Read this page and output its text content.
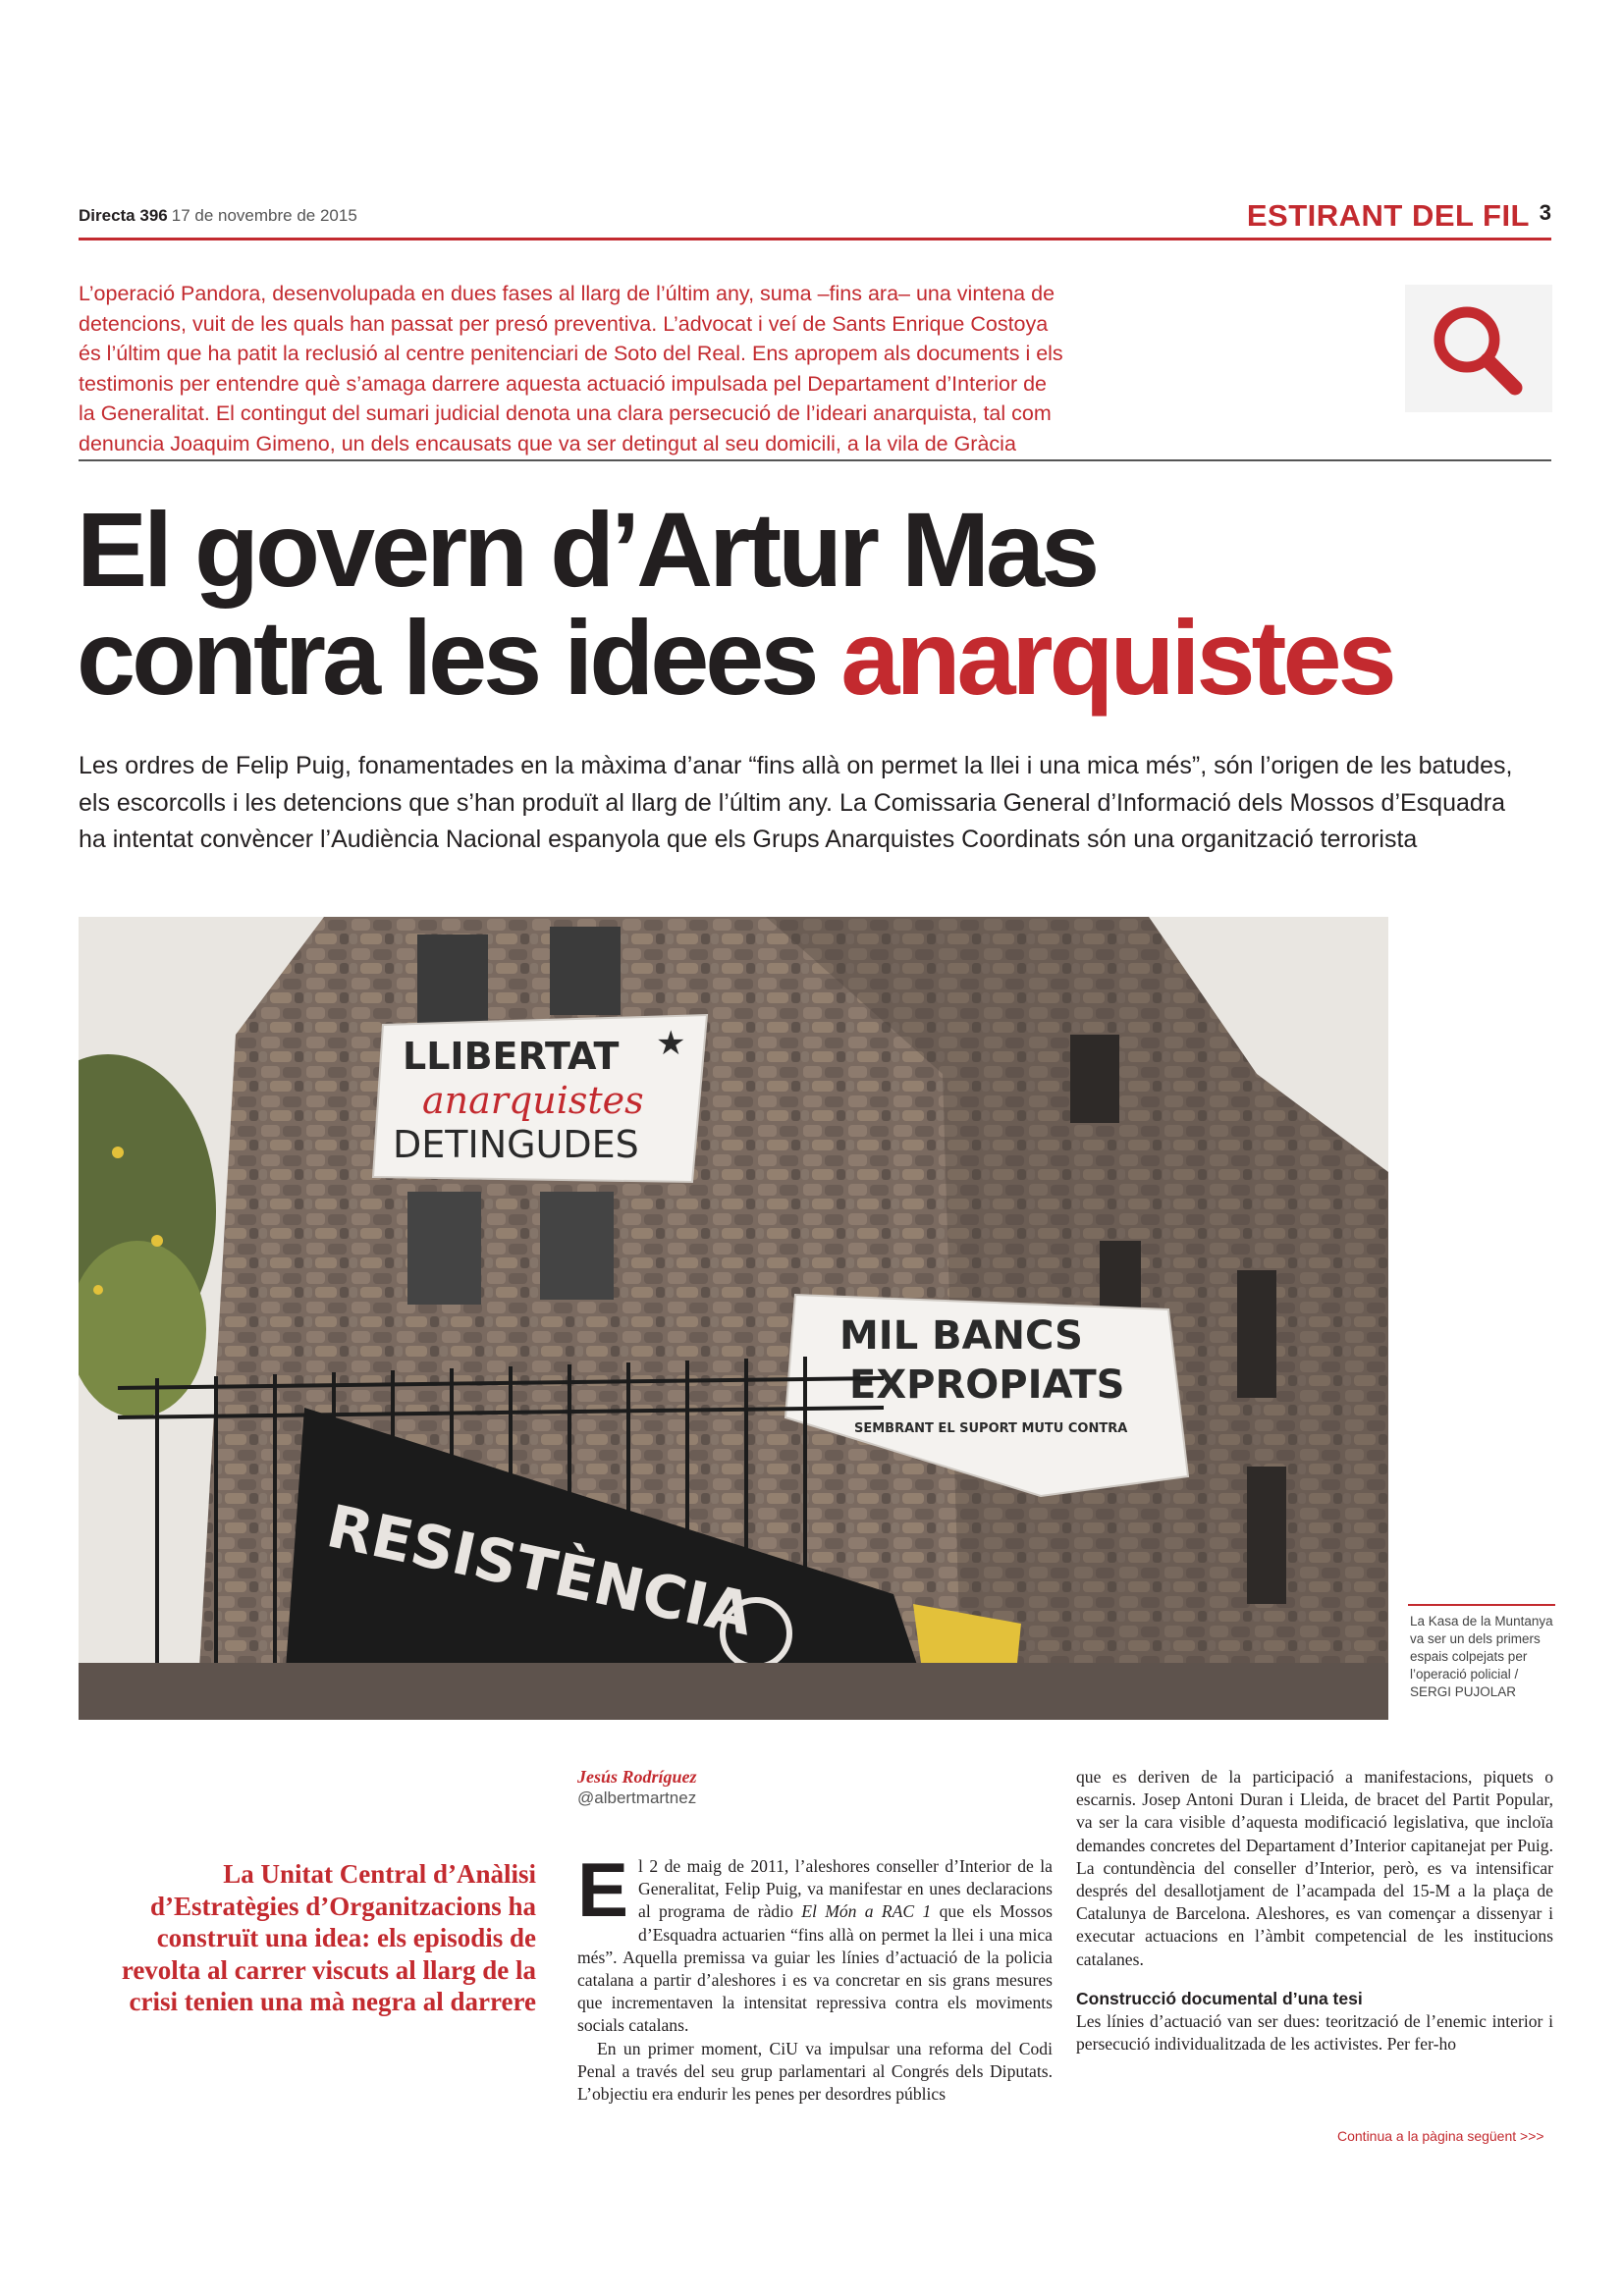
Directa 396 17 de novembre de 2015	ESTIRANT DEL FIL 3
L’operació Pandora, desenvolupada en dues fases al llarg de l’últim any, suma –fins ara– una vintena de
detencions, vuit de les quals han passat per presó preventiva. L’advocat i veí de Sants Enrique Costoya
és l’últim que ha patit la reclusió al centre penitenciari de Soto del Real. Ens apropem als documents i els
testimonis per entendre què s’amaga darrere aquesta actuació impulsada pel Departament d’Interior de
la Generalitat. El contingut del sumari judicial denota una clara persecució de l’ideari anarquista, tal com
denuncia Joaquim Gimeno, un dels encausats que va ser detingut al seu domicili, a la vila de Gràcia
El govern d’Artur Mas
contra les idees anarquistes
Les ordres de Felip Puig, fonamentades en la màxima d’anar “fins allà on permet la llei i una mica més”, són l’origen de les batudes,
els escorcolls i les detencions que s’han produït al llarg de l’últim any. La Comissaria General d’Informació dels Mossos d’Esquadra
ha intentat convèncer l’Audiència Nacional espanyola que els Grups Anarquistes Coordinats són una organització terrorista
LLIBERTAT
anarquistes
DETINGUDES
★
MIL BANCS
EXPROPIATS
SEMBRANT EL SUPORT MUTU CONTRA
RESISTÈNCIA	La Kasa de la Muntanya va ser un dels primers espais colpejats per l’operació policial / SERGI PUJOLAR
Jesús Rodríguez
@albertmartnez
La Unitat Central d’Anàlisi
d’Estratègies d’Organitzacions ha
construït una idea: els episodis de
revolta al carrer viscuts al llarg de la
crisi tenien una mà negra al darrere

El 2 de maig de 2011, l’aleshores conseller d’Interior de la Generalitat, Felip Puig, va manifestar en unes declaracions al programa de ràdio El Món a RAC 1 que els Mossos d’Esquadra actuarien “fins allà on permet la llei i una mica més”. Aquella premissa va guiar les línies d’actuació de la policia catalana a partir d’aleshores i es va concretar en sis grans mesures que incrementaven la intensitat repressiva contra els moviments socials catalans.

En un primer moment, CiU va impulsar una reforma del Codi Penal a través del seu grup parlamentari al Congrés dels Diputats. L’objectiu era endurir les penes per desordres públics

que es deriven de la participació a manifestacions, piquets o escarnis. Josep Antoni Duran i Lleida, de bracet del Partit Popular, va ser la cara visible d’aquesta modificació legislativa, que incloïa demandes concretes del Departament d’Interior capitanejat per Puig. La contundència del conseller d’Interior, però, es va intensificar després del desallotjament de l’acampada del 15-M a la plaça de Catalunya de Barcelona. Aleshores, es van començar a dissenyar i executar actuacions en l’àmbit competencial de les institucions catalanes.

Construcció documental d’una tesi

Les línies d’actuació van ser dues: teorització de l’enemic interior i persecució individualitzada de les activistes. Per fer-ho

Continua a la pàgina següent >>>
